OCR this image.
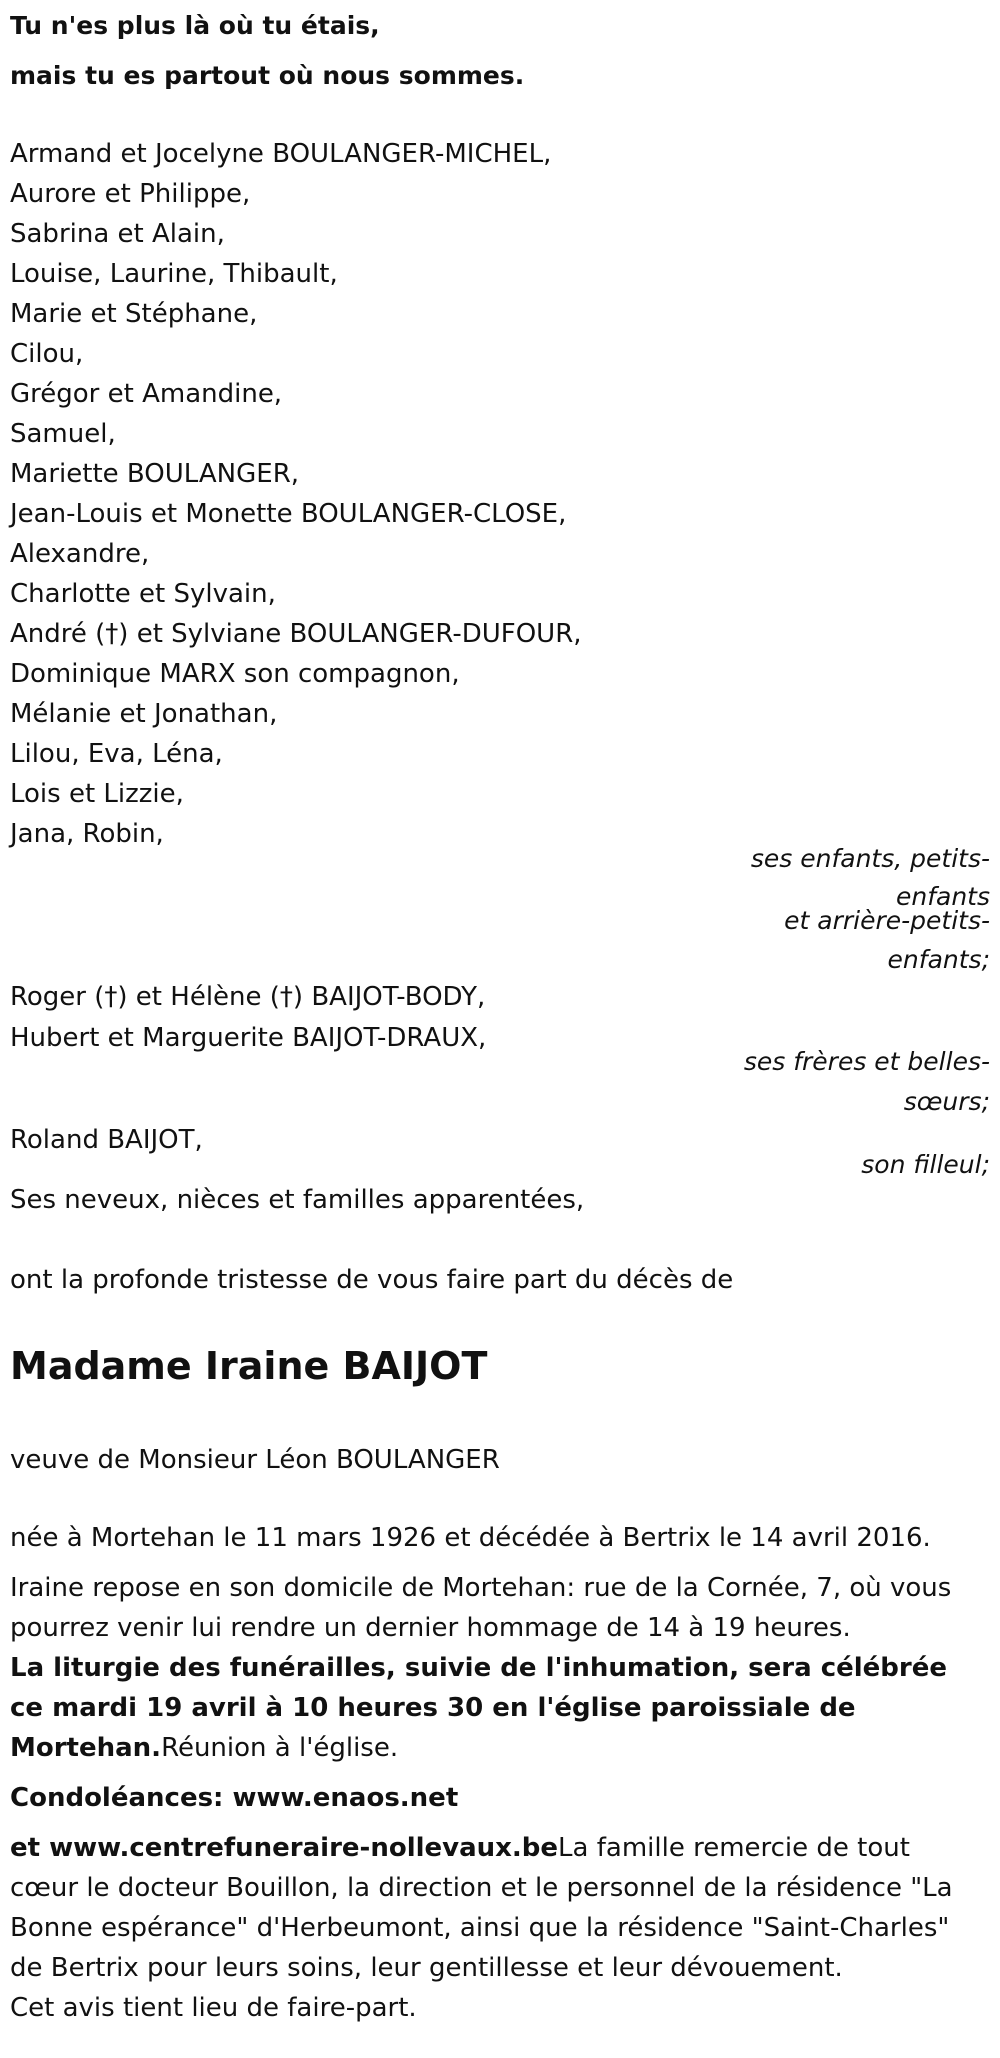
Tu n'es plus là où tu étais,

mais tu es partout où nous sommes.

Armand et Jocelyne BOULANGER-MICHEL,
Aurore et Philippe,
Sabrina et Alain,
Louise, Laurine, Thibault,
Marie et Stéphane,
Cilou,
Grégor et Amandine,
Samuel,
Mariette BOULANGER,
Jean-Louis et Monette BOULANGER-CLOSE,
Alexandre,
Charlotte et Sylvain,
André (†) et Sylviane BOULANGER-DUFOUR,
Dominique MARX son compagnon,
Mélanie et Jonathan,
Lilou, Eva, Léna,
Lois et Lizzie,
Jana, Robin,

ses enfants, petits-

enfants

et arrière-petits-

enfants;

Roger (†) et Hélène (†) BAIJOT-BODY,

Hubert et Marguerite BAIJOT-DRAUX,

ses frères et belles-

sœurs;

Roland BAIJOT,

son filleul;

Ses neveux, nièces et familles apparentées,

ont la profonde tristesse de vous faire part du décès de

Madame Iraine BAIJOT

veuve de Monsieur Léon BOULANGER

née à Mortehan le 11 mars 1926 et décédée à Bertrix le 14 avril 2016.

Iraine repose en son domicile de Mortehan: rue de la Cornée, 7, où vous pourrez venir lui rendre un dernier hommage de 14 à 19 heures.

La liturgie des funérailles, suivie de l'inhumation, sera célébrée ce mardi 19 avril à 10 heures 30 en l'église paroissiale de Mortehan.Réunion à l'église.

Condoléances: www.enaos.net

et www.centrefuneraire-nollevaux.beLa famille remercie de tout cœur le docteur Bouillon, la direction et le personnel de la résidence "La Bonne espérance" d'Herbeumont, ainsi que la résidence "Saint-Charles" de Bertrix pour leurs soins, leur gentillesse et leur dévouement.

Cet avis tient lieu de faire-part.
